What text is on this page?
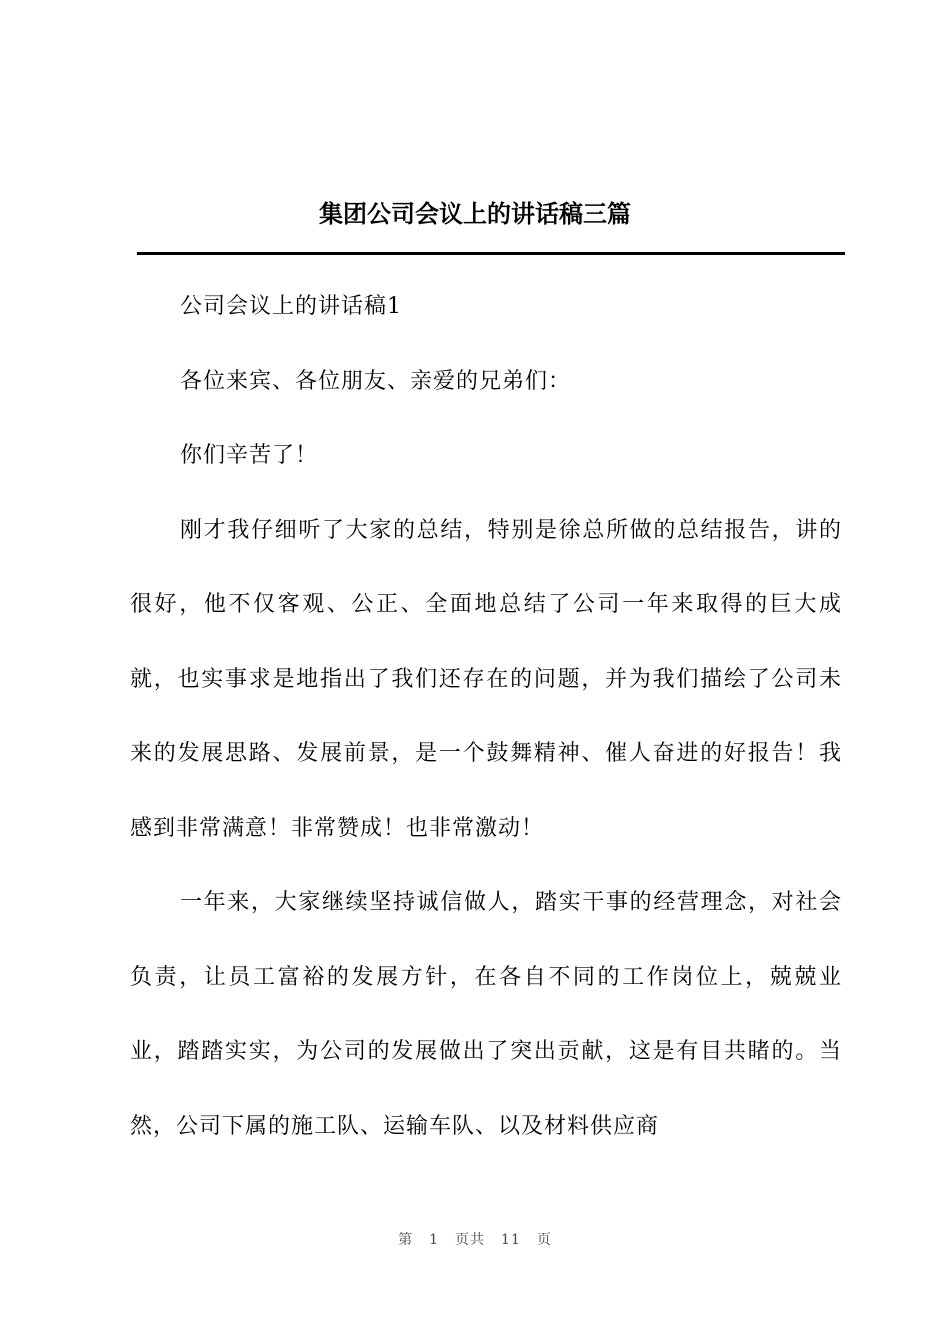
集团公司会议上的讲话稿三篇

公司会议上的讲话稿1

各位来宾、各位朋友、亲爱的兄弟们：

你们辛苦了！

刚才我仔细听了大家的总结，特别是徐总所做的总结报告，讲的很好，他不仅客观、公正、全面地总结了公司一年来取得的巨大成就，也实事求是地指出了我们还存在的问题，并为我们描绘了公司未来的发展思路、发展前景，是一个鼓舞精神、催人奋进的好报告！我感到非常满意！非常赞成！也非常激动！

一年来，大家继续坚持诚信做人，踏实干事的经营理念，对社会负责，让员工富裕的发展方针，在各自不同的工作岗位上，兢兢业业，踏踏实实，为公司的发展做出了突出贡献，这是有目共睹的。当然，公司下属的施工队、运输车队、以及材料供应商

第 1 页共 11 页
